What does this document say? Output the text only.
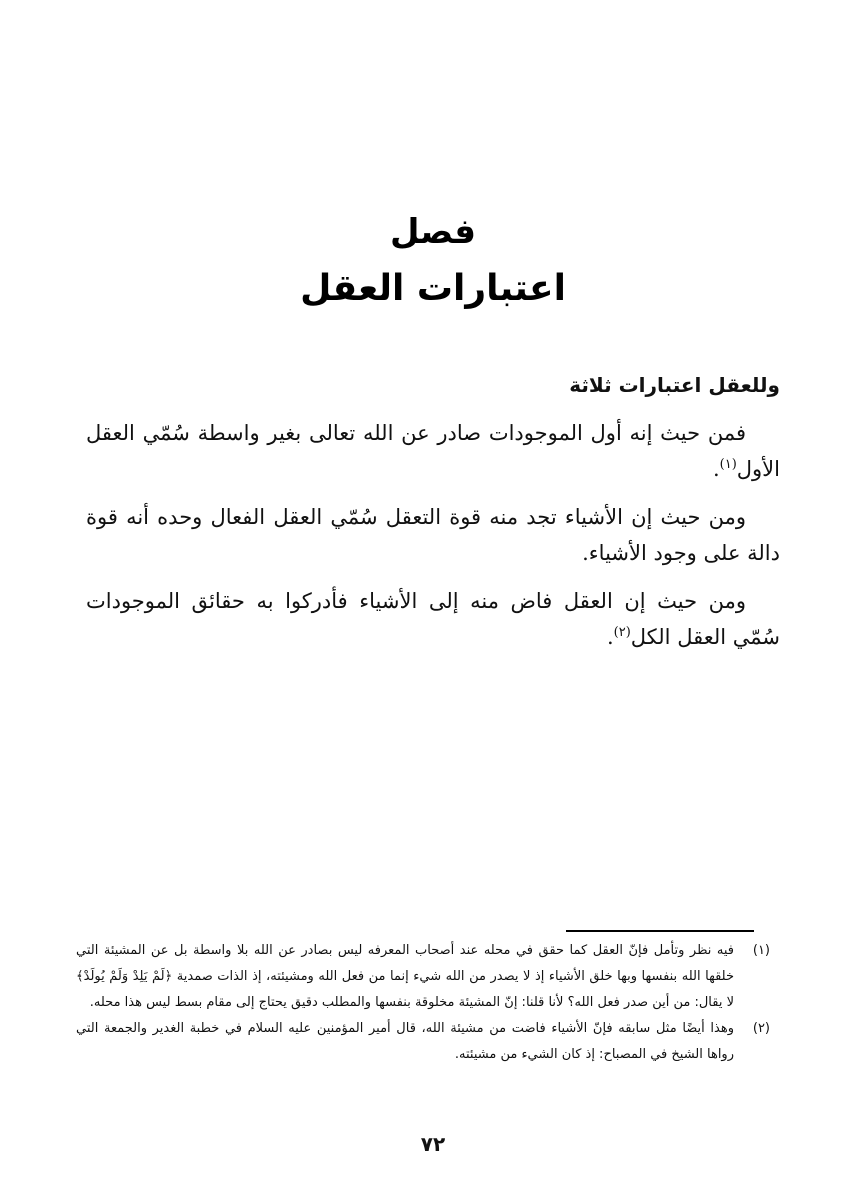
فصل
اعتبارات العقل
وللعقل اعتبارات ثلاثة

فمن حيث إنه أول الموجودات صادر عن الله تعالى بغير واسطة سُمّي العقل الأول$^{(١)}$.

ومن حيث إن الأشياء تجد منه قوة التعقل سُمّي العقل الفعال وحده أنه قوة دالة على وجود الأشياء.

ومن حيث إن العقل فاض منه إلى الأشياء فأدركوا به حقائق الموجودات سُمّي العقل الكل$^{(٢)}$.

(١)
فيه نظر وتأمل فإنّ العقل كما حقق في محله عند أصحاب المعرفه ليس بصادر عن الله بلا واسطة بل عن المشيئة التي خلقها الله بنفسها وبها خلق الأشياء إذ لا يصدر من الله شيء إنما من فعل الله ومشيئته، إذ الذات صمدية ﴿لَمْ يَلِدْ وَلَمْ يُولَدْ﴾ لا يقال: من أين صدر فعل الله؟ لأنا قلنا: إنّ المشيئة مخلوقة بنفسها والمطلب دقيق يحتاج إلى مقام بسط ليس هذا محله.
(٢)
وهذا أيضًا مثل سابقه فإنّ الأشياء فاضت من مشيئة الله، قال أمير المؤمنين عليه السلام في خطبة الغدير والجمعة التي رواها الشيخ في المصباح: إذ كان الشيء من مشيئته.
٧٢
